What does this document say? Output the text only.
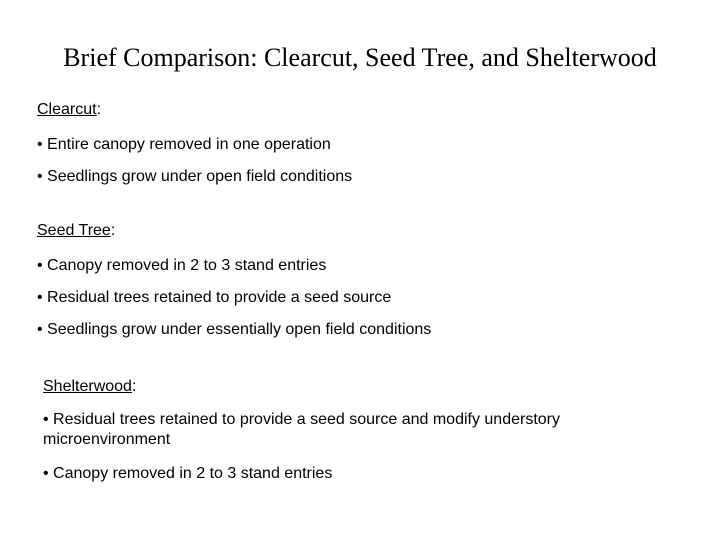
Brief Comparison: Clearcut, Seed Tree, and Shelterwood
Clearcut:
• Entire canopy removed in one operation
• Seedlings grow under open field conditions
Seed Tree:
• Canopy removed in 2 to 3 stand entries
• Residual trees retained to provide a seed source
• Seedlings grow under essentially open field conditions
Shelterwood:
• Residual trees retained to provide a seed source and modify understory microenvironment
• Canopy removed in 2 to 3 stand entries
